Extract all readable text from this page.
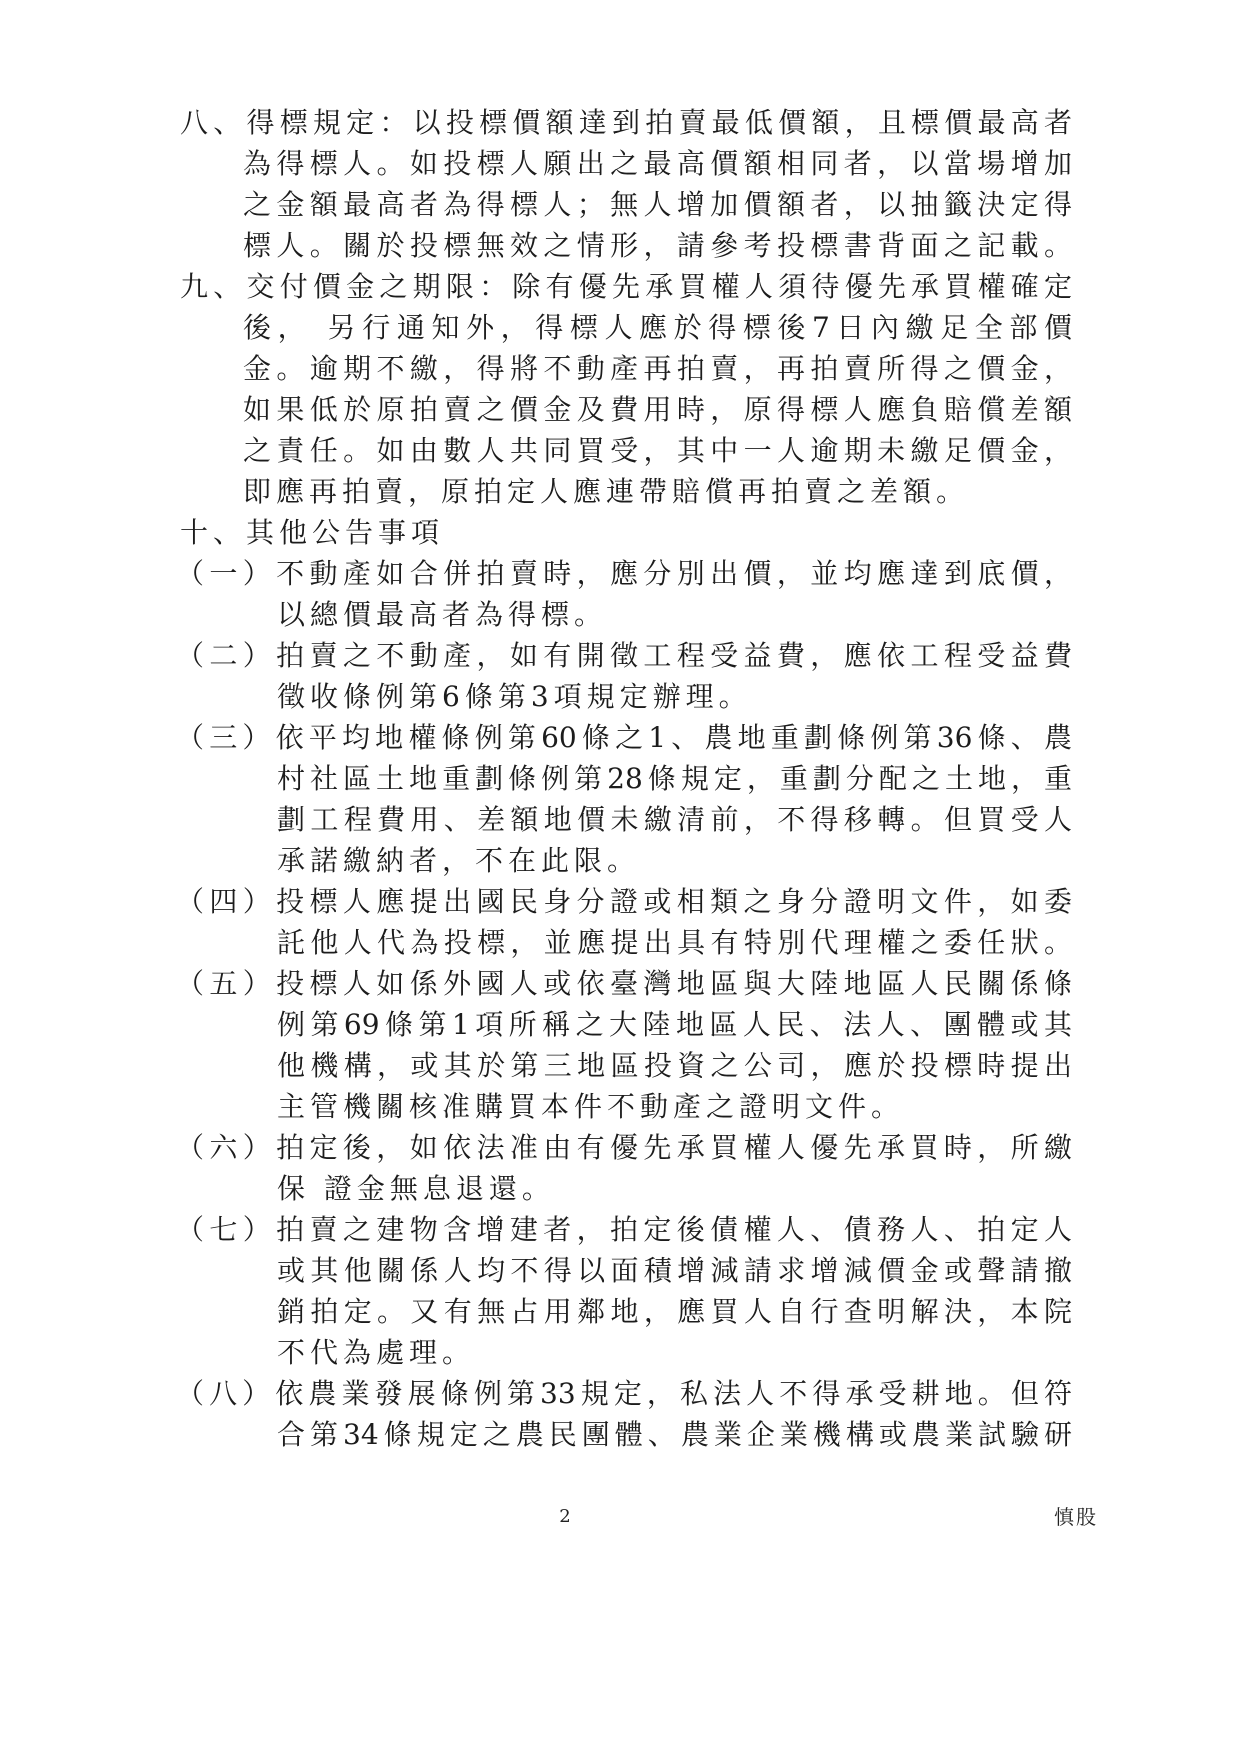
八、得標規定：以投標價額達到拍賣最低價額，且標價最高者
為得標人。如投標人願出之最高價額相同者，以當場增加
之金額最高者為得標人；無人增加價額者，以抽籤決定得
標人。關於投標無效之情形，請參考投標書背面之記載。
九、交付價金之期限：除有優先承買權人須待優先承買權確定
後， 另行通知外，得標人應於得標後7日內繳足全部價
金。逾期不繳，得將不動產再拍賣，再拍賣所得之價金，
如果低於原拍賣之價金及費用時，原得標人應負賠償差額
之責任。如由數人共同買受，其中一人逾期未繳足價金，
即應再拍賣，原拍定人應連帶賠償再拍賣之差額。
十、其他公告事項
（一）不動產如合併拍賣時，應分別出價，並均應達到底價，
以總價最高者為得標。
（二）拍賣之不動產，如有開徵工程受益費，應依工程受益費
徵收條例第6條第3項規定辦理。
（三）依平均地權條例第60條之1、農地重劃條例第36條、農
村社區土地重劃條例第28條規定，重劃分配之土地，重
劃工程費用、差額地價未繳清前，不得移轉。但買受人
承諾繳納者，不在此限。
（四）投標人應提出國民身分證或相類之身分證明文件，如委
託他人代為投標，並應提出具有特別代理權之委任狀。
（五）投標人如係外國人或依臺灣地區與大陸地區人民關係條
例第69條第1項所稱之大陸地區人民、法人、團體或其
他機構，或其於第三地區投資之公司，應於投標時提出
主管機關核准購買本件不動產之證明文件。
（六）拍定後，如依法准由有優先承買權人優先承買時，所繳
保 證金無息退還。
（七）拍賣之建物含增建者，拍定後債權人、債務人、拍定人
或其他關係人均不得以面積增減請求增減價金或聲請撤
銷拍定。又有無占用鄰地，應買人自行查明解決，本院
不代為處理。
（八）依農業發展條例第33規定，私法人不得承受耕地。但符
合第34條規定之農民團體、農業企業機構或農業試驗研
2	慎股
